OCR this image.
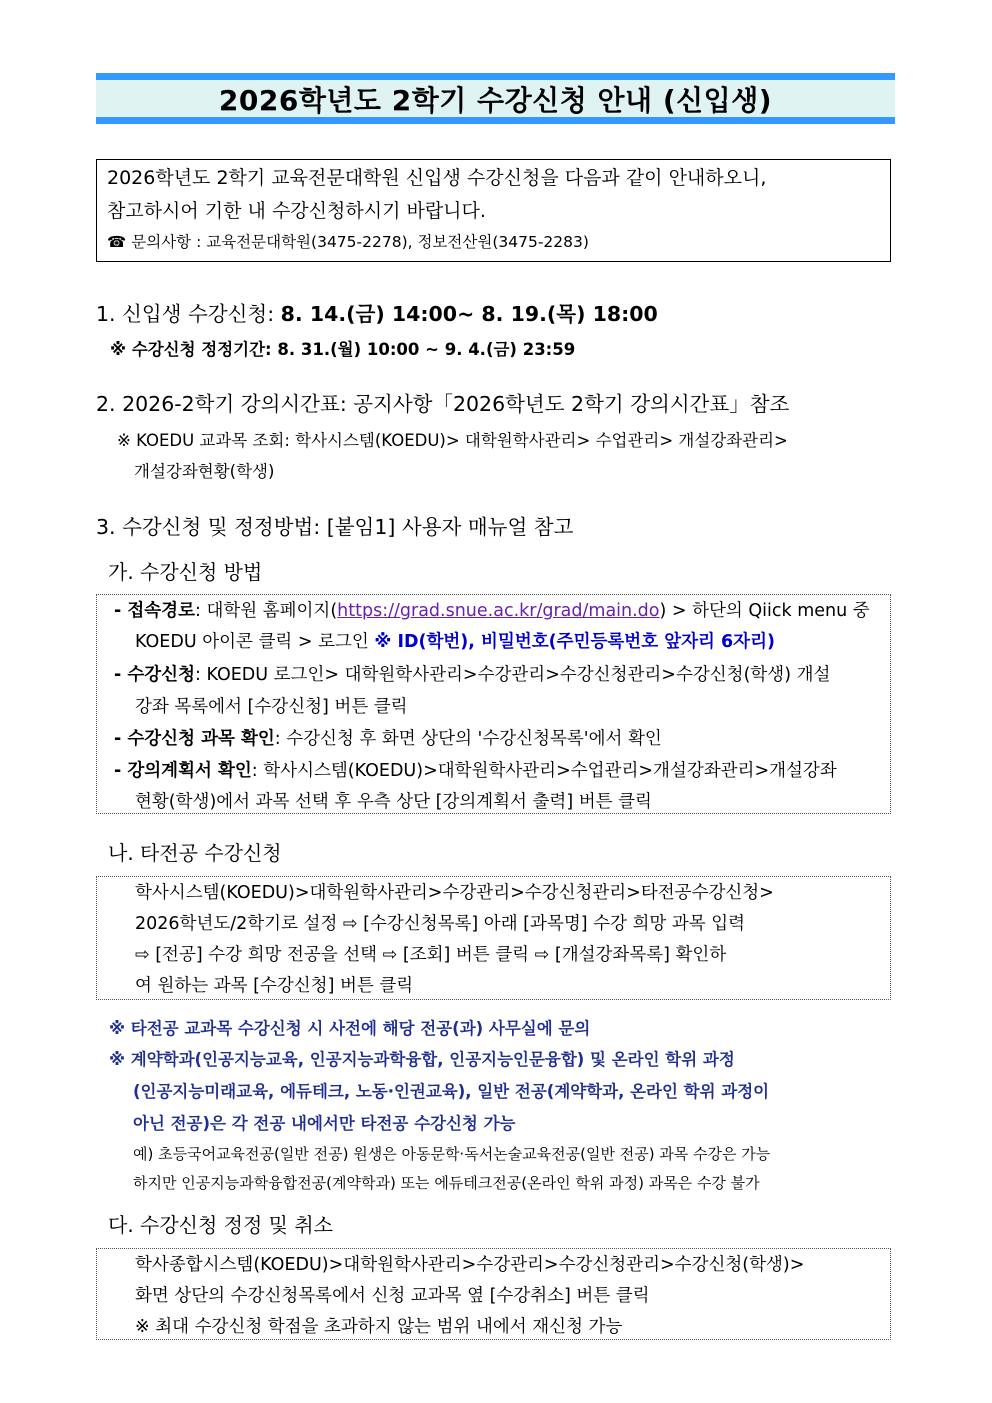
2026학년도 2학기 수강신청 안내 (신입생)
2026학년도 2학기 교육전문대학원 신입생 수강신청을 다음과 같이 안내하오니,
참고하시어 기한 내 수강신청하시기 바랍니다.
☎ 문의사항 : 교육전문대학원(3475-2278), 정보전산원(3475-2283)
1. 신입생 수강신청: 8. 14.(금) 14:00~ 8. 19.(목) 18:00
※ 수강신청 정정기간: 8. 31.(월) 10:00 ~ 9. 4.(금) 23:59
2. 2026-2학기 강의시간표: 공지사항「2026학년도 2학기 강의시간표」참조
※ KOEDU 교과목 조회: 학사시스템(KOEDU)> 대학원학사관리> 수업관리> 개설강좌관리>
개설강좌현황(학생)
3. 수강신청 및 정정방법: [붙임1] 사용자 매뉴얼 참고
가. 수강신청 방법
- 접속경로: 대학원 홈페이지(https://grad.snue.ac.kr/grad/main.do) > 하단의 Qiick menu 중
KOEDU 아이콘 클릭 > 로그인 ※ ID(학번), 비밀번호(주민등록번호 앞자리 6자리)
- 수강신청: KOEDU 로그인> 대학원학사관리>수강관리>수강신청관리>수강신청(학생) 개설
강좌 목록에서 [수강신청] 버튼 클릭
- 수강신청 과목 확인: 수강신청 후 화면 상단의 '수강신청목록'에서 확인
- 강의계획서 확인: 학사시스템(KOEDU)>대학원학사관리>수업관리>개설강좌관리>개설강좌
현황(학생)에서 과목 선택 후 우측 상단 [강의계획서 출력] 버튼 클릭
나. 타전공 수강신청
학사시스템(KOEDU)>대학원학사관리>수강관리>수강신청관리>타전공수강신청>
2026학년도/2학기로 설정 ⇨ [수강신청목록] 아래 [과목명] 수강 희망 과목 입력
⇨ [전공] 수강 희망 전공을 선택 ⇨ [조회] 버튼 클릭 ⇨ [개설강좌목록] 확인하
여 원하는 과목 [수강신청] 버튼 클릭
※ 타전공 교과목 수강신청 시 사전에 해당 전공(과) 사무실에 문의
※ 계약학과(인공지능교육, 인공지능과학융합, 인공지능인문융합) 및 온라인 학위 과정
(인공지능미래교육, 에듀테크, 노동·인권교육), 일반 전공(계약학과, 온라인 학위 과정이
아닌 전공)은 각 전공 내에서만 타전공 수강신청 가능
예) 초등국어교육전공(일반 전공) 원생은 아동문학·독서논술교육전공(일반 전공) 과목 수강은 가능
하지만 인공지능과학융합전공(계약학과) 또는 에듀테크전공(온라인 학위 과정) 과목은 수강 불가
다. 수강신청 정정 및 취소
학사종합시스템(KOEDU)>대학원학사관리>수강관리>수강신청관리>수강신청(학생)>
화면 상단의 수강신청목록에서 신청 교과목 옆 [수강취소] 버튼 클릭
※ 최대 수강신청 학점을 초과하지 않는 범위 내에서 재신청 가능
